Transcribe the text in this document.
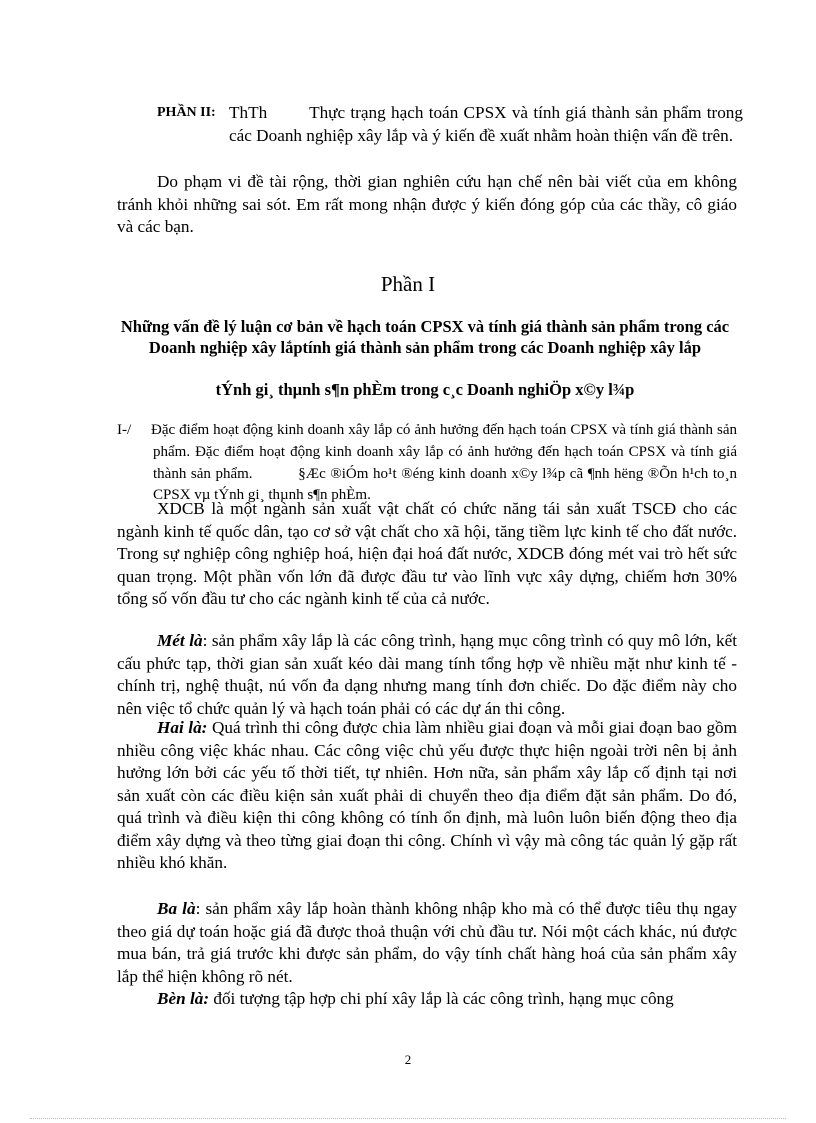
PHẦN II: ThTh        Thực trạng hạch toán CPSX và tính giá thành sản phẩm trong các Doanh nghiệp xây lắp và ý kiến đề xuất nhằm hoàn thiện vấn đề trên.
Do phạm vi đề tài rộng, thời gian nghiên cứu hạn chế nên bài viết của em không tránh khỏi những sai sót. Em rất mong nhận được ý kiến đóng góp của các thầy, cô giáo và các bạn.
Phần I
Những vấn đề lý luận cơ bản về hạch toán CPSX và tính giá thành sản phẩm trong các Doanh nghiệp xây lắptính giá thành sản phẩm trong các Doanh nghiệp xây lắp
tÝnh gi¸ thµnh s¶n phÈm trong c¸c Doanh nghiÖp x©y l¾p
I-/ Đặc điểm hoạt động kinh doanh xây lắp có ảnh hưởng đến hạch toán CPSX và tính giá thành sản phẩm. Đặc điểm hoạt động kinh doanh xây lắp có ảnh hưởng đến hạch toán CPSX và tính giá thành sản phẩm.          §Æc ®iÓm ho¹t ®éng kinh doanh x©y l¾p cã ¶nh hëng ®Õn h¹ch to¸n CPSX vµ tÝnh gi¸ thµnh s¶n phÈm.
XDCB là một ngành sản xuất vật chất có chức năng tái sản xuất TSCĐ cho các ngành kinh tế quốc dân, tạo cơ sở vật chất cho xã hội, tăng tiềm lực kinh tế cho đất nước. Trong sự nghiệp công nghiệp hoá, hiện đại hoá đất nước, XDCB đóng mét vai trò hết sức quan trọng. Một phần vốn lớn đã được đầu tư vào lĩnh vực xây dựng, chiếm hơn 30% tổng số vốn đầu tư cho các ngành kinh tế của cả nước.
Mét là: sản phẩm xây lắp là các công trình, hạng mục công trình có quy mô lớn, kết cấu phức tạp, thời gian sản xuất kéo dài mang tính tổng hợp về nhiều mặt như kinh tế - chính trị, nghệ thuật, nú vốn đa dạng nhưng mang tính đơn chiếc. Do đặc điểm này cho nên việc tổ chức quản lý và hạch toán phải có các dự án thi công.
Hai là: Quá trình thi công được chia làm nhiều giai đoạn và mỗi giai đoạn bao gồm nhiều công việc khác nhau. Các công việc chủ yếu được thực hiện ngoài trời nên bị ảnh hưởng lớn bởi các yếu tố thời tiết, tự nhiên. Hơn nữa, sản phẩm xây lắp cố định tại nơi sản xuất còn các điều kiện sản xuất phải di chuyển theo địa điểm đặt sản phẩm. Do đó, quá trình và điều kiện thi công không có tính ổn định, mà luôn luôn biến động theo địa điểm xây dựng và theo từng giai đoạn thi công. Chính vì vậy mà công tác quản lý gặp rất nhiều khó khăn.
Ba là: sản phẩm xây lắp hoàn thành không nhập kho mà có thể được tiêu thụ ngay theo giá dự toán hoặc giá đã được thoả thuận với chủ đầu tư. Nói một cách khác, nú được mua bán, trả giá trước khi được sản phẩm, do vậy tính chất hàng hoá của sản phẩm xây lắp thể hiện không rõ nét.
Bèn là: đối tượng tập hợp chi phí xây lắp là các công trình, hạng mục công
2
